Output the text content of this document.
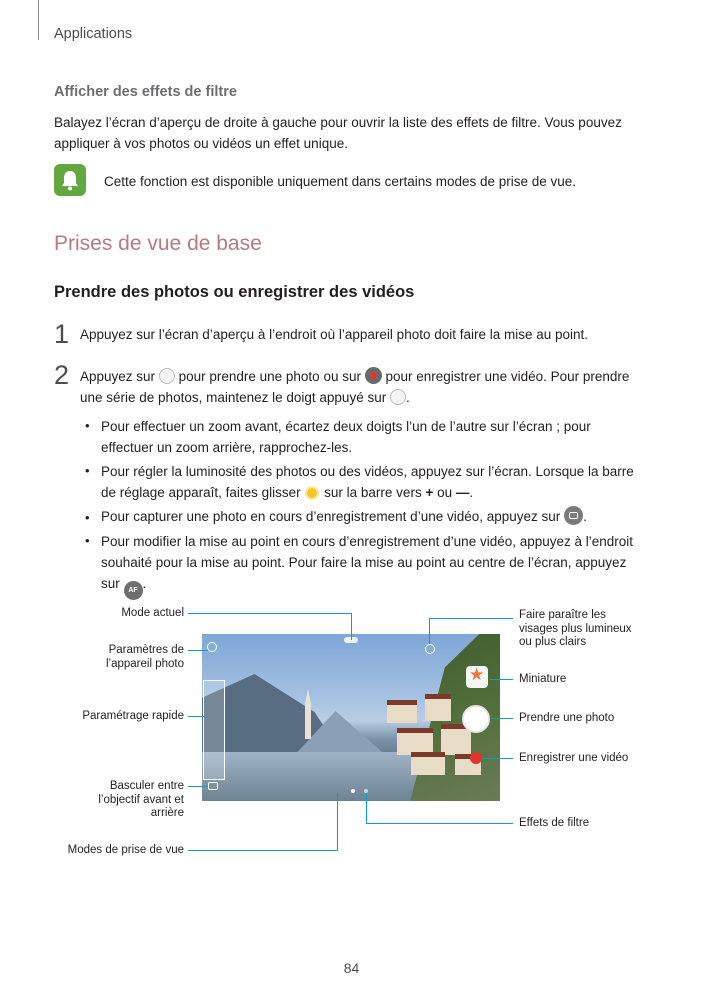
Applications
Afficher des effets de filtre
Balayez l’écran d’aperçu de droite à gauche pour ouvrir la liste des effets de filtre. Vous pouvez appliquer à vos photos ou vidéos un effet unique.
Cette fonction est disponible uniquement dans certains modes de prise de vue.
Prises de vue de base
Prendre des photos ou enregistrer des vidéos
1 Appuyez sur l’écran d’aperçu à l’endroit où l’appareil photo doit faire la mise au point.
2 Appuyez sur pour prendre une photo ou sur pour enregistrer une vidéo. Pour prendre une série de photos, maintenez le doigt appuyé sur .
• Pour effectuer un zoom avant, écartez deux doigts l’un de l’autre sur l’écran ; pour effectuer un zoom arrière, rapprochez-les.
• Pour régler la luminosité des photos ou des vidéos, appuyez sur l’écran. Lorsque la barre de réglage apparaît, faites glisser sur la barre vers + ou —.
• Pour capturer une photo en cours d’enregistrement d’une vidéo, appuyez sur .
• Pour modifier la mise au point en cours d’enregistrement d’une vidéo, appuyez à l’endroit souhaité pour la mise au point. Pour faire la mise au point au centre de l’écran, appuyez sur AF .
★
Mode actuel
Paramètres de l’appareil photo
Paramétrage rapide
Basculer entre l’objectif avant et arrière
Modes de prise de vue
Faire paraître les visages plus lumineux ou plus clairs
Miniature
Prendre une photo
Enregistrer une vidéo
Effets de filtre
84
